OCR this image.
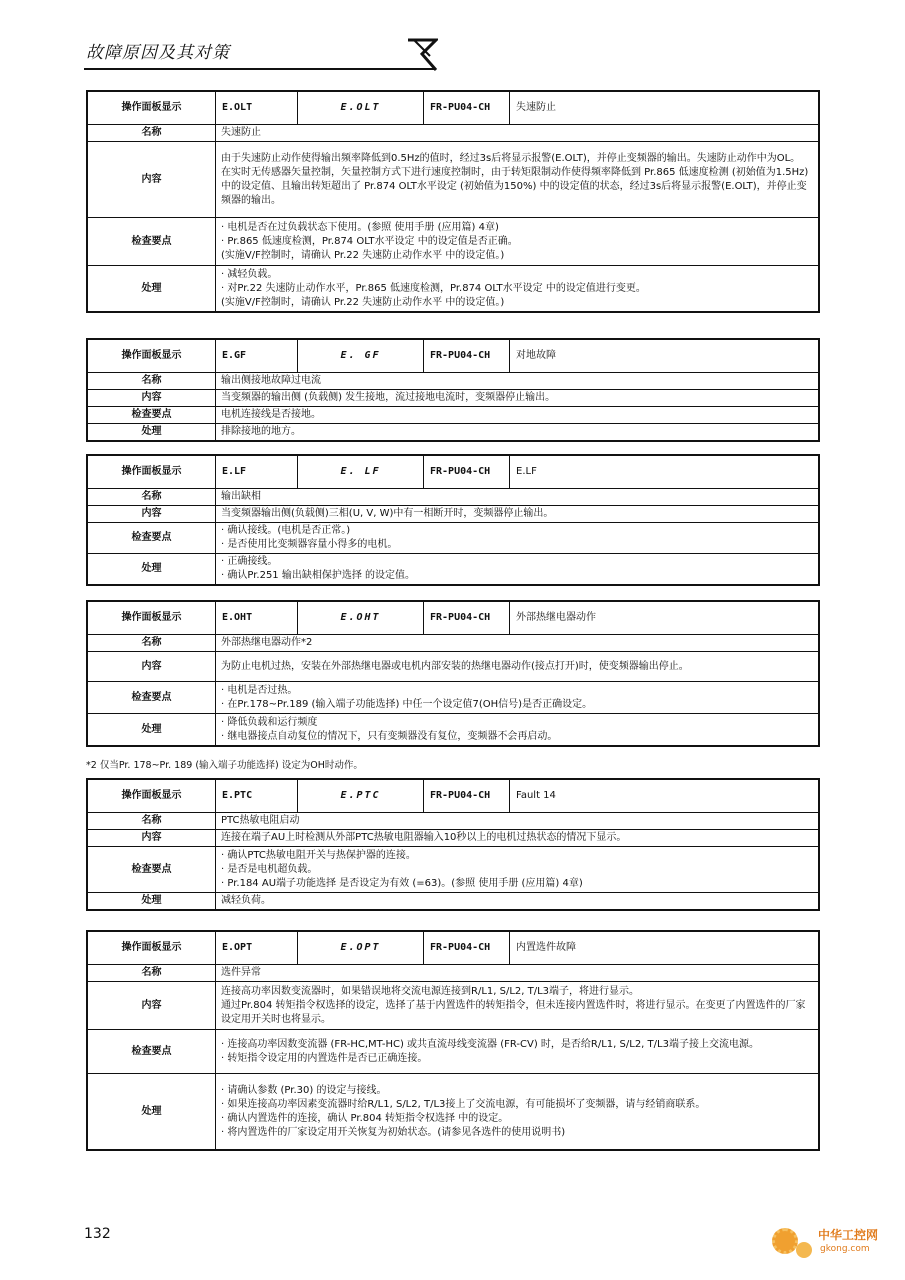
故障原因及其对策
操作面板显示	E.OLT	E.OLT	FR-PU04-CH	失速防止
名称	失速防止			
内容	由于失速防止动作使得输出频率降低到0.5Hz的值时，经过3s后将显示报警(E.OLT)，并停止变频器的输出。失速防止动作中为OL。

在实时无传感器矢量控制，矢量控制方式下进行速度控制时，由于转矩限制动作使得频率降低到 Pr.865 低速度检测 (初始值为1.5Hz) 中的设定值、且输出转矩超出了 Pr.874 OLT水平设定 (初始值为150%) 中的设定值的状态，经过3s后将显示报警(E.OLT)，并停止变频器的输出。			

检查要点	· 电机是否在过负载状态下使用。(参照 使用手册 (应用篇) 4章)

· Pr.865 低速度检测，Pr.874 OLT水平设定 中的设定值是否正确。

(实施V/F控制时，请确认 Pr.22 失速防止动作水平 中的设定值。)			

处理	· 减轻负载。

· 对Pr.22 失速防止动作水平，Pr.865 低速度检测，Pr.874 OLT水平设定 中的设定值进行变更。

(实施V/F控制时，请确认 Pr.22 失速防止动作水平 中的设定值。)			

操作面板显示	E.GF	E. GF	FR-PU04-CH	对地故障
名称	输出侧接地故障过电流			
内容	当变频器的输出侧 (负载侧) 发生接地，流过接地电流时，变频器停止输出。			

检查要点	电机连接线是否接地。			

处理	排除接地的地方。			

操作面板显示	E.LF	E. LF	FR-PU04-CH	E.LF
名称	输出缺相			
内容	当变频器输出侧(负载侧)三相(U, V, W)中有一相断开时，变频器停止输出。			

检查要点	· 确认接线。(电机是否正常。)

· 是否使用比变频器容量小得多的电机。			

处理	· 正确接线。

· 确认Pr.251 输出缺相保护选择 的设定值。			

操作面板显示	E.OHT	E.OHT	FR-PU04-CH	外部热继电器动作
名称	外部热继电器动作*2			
内容	为防止电机过热，安装在外部热继电器或电机内部安装的热继电器动作(接点打开)时，使变频器输出停止。			

检查要点	· 电机是否过热。

· 在Pr.178~Pr.189 (输入端子功能选择) 中任一个设定值7(OH信号)是否正确设定。			

处理	· 降低负载和运行频度

· 继电器接点自动复位的情况下，只有变频器没有复位，变频器不会再启动。			

操作面板显示	E.PTC	E.PTC	FR-PU04-CH	Fault 14
名称	PTC热敏电阻启动			
内容	连接在端子AU上时检测从外部PTC热敏电阻器输入10秒以上的电机过热状态的情况下显示。			

检查要点	· 确认PTC热敏电阻开关与热保护器的连接。

· 是否是电机超负载。

· Pr.184 AU端子功能选择 是否设定为有效 (=63)。(参照 使用手册 (应用篇) 4章)			

处理	减轻负荷。			

操作面板显示	E.OPT	E.OPT	FR-PU04-CH	内置选件故障
名称	选件异常			
内容	连接高功率因数变流器时，如果错误地将交流电源连接到R/L1, S/L2, T/L3端子，将进行显示。

通过Pr.804 转矩指令权选择的设定，选择了基于内置选件的转矩指令，但未连接内置选件时，将进行显示。在变更了内置选件的厂家设定用开关时也将显示。			

检查要点	· 连接高功率因数变流器 (FR-HC,MT-HC) 或共直流母线变流器 (FR-CV) 时，是否给R/L1, S/L2, T/L3端子接上交流电源。

· 转矩指令设定用的内置选件是否已正确连接。			

处理	· 请确认参数 (Pr.30) 的设定与接线。

· 如果连接高功率因素变流器时给R/L1, S/L2, T/L3接上了交流电源，有可能损坏了变频器，请与经销商联系。

· 确认内置选件的连接，确认 Pr.804 转矩指令权选择 中的设定。

· 将内置选件的厂家设定用开关恢复为初始状态。(请参见各选件的使用说明书)			

*2 仅当Pr. 178~Pr. 189 (输入端子功能选择) 设定为OH时动作。
132	中华工控网
gkong.com
